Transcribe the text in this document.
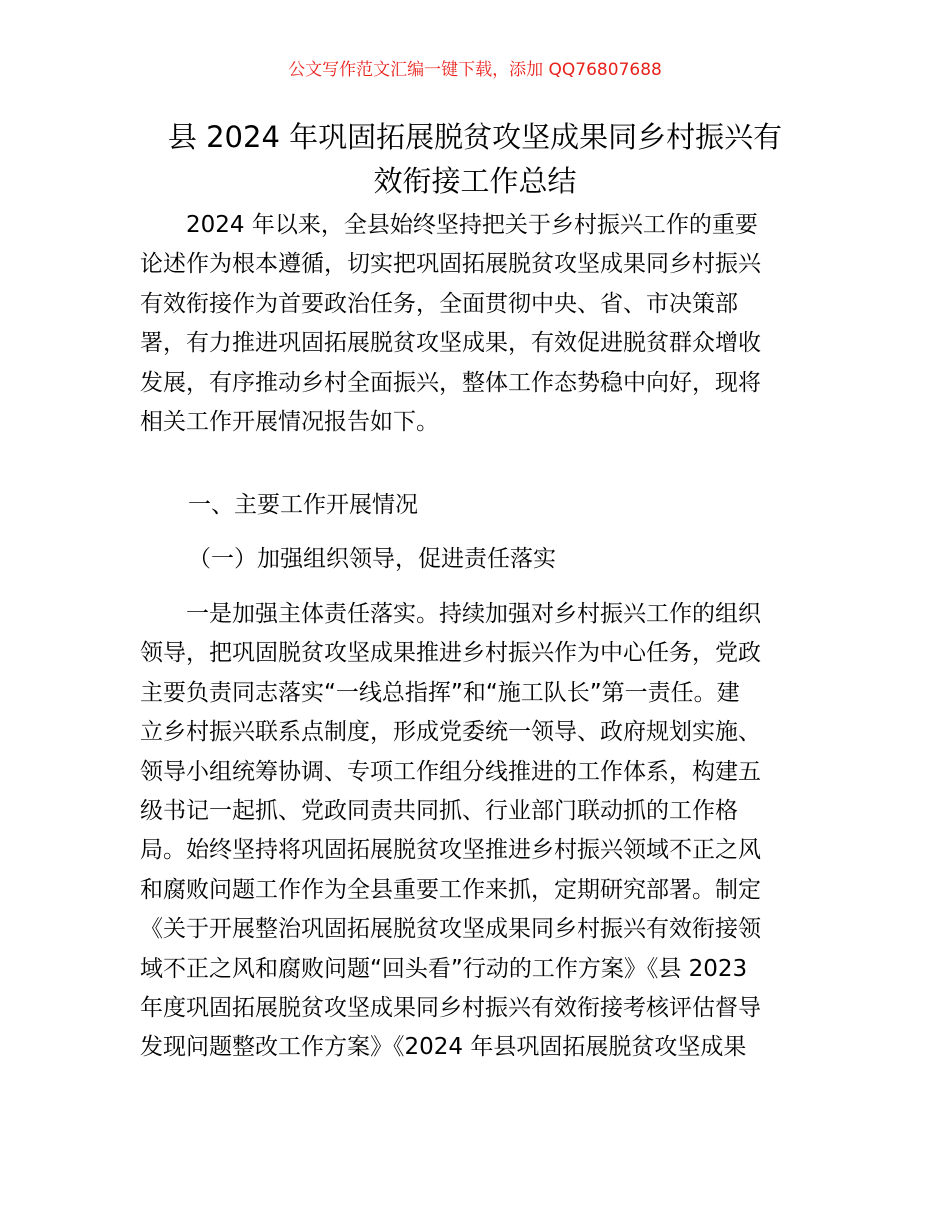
公文写作范文汇编一键下载，添加 QQ76807688
县 2024 年巩固拓展脱贫攻坚成果同乡村振兴有
效衔接工作总结
2024 年以来，全县始终坚持把关于乡村振兴工作的重要
论述作为根本遵循，切实把巩固拓展脱贫攻坚成果同乡村振兴
有效衔接作为首要政治任务，全面贯彻中央、省、市决策部
署，有力推进巩固拓展脱贫攻坚成果，有效促进脱贫群众增收
发展，有序推动乡村全面振兴，整体工作态势稳中向好，现将
相关工作开展情况报告如下。
一、主要工作开展情况
（一）加强组织领导，促进责任落实
一是加强主体责任落实。持续加强对乡村振兴工作的组织
领导，把巩固脱贫攻坚成果推进乡村振兴作为中心任务，党政
主要负责同志落实“一线总指挥”和“施工队长”第一责任。建
立乡村振兴联系点制度，形成党委统一领导、政府规划实施、
领导小组统筹协调、专项工作组分线推进的工作体系，构建五
级书记一起抓、党政同责共同抓、行业部门联动抓的工作格
局。始终坚持将巩固拓展脱贫攻坚推进乡村振兴领域不正之风
和腐败问题工作作为全县重要工作来抓，定期研究部署。制定
《关于开展整治巩固拓展脱贫攻坚成果同乡村振兴有效衔接领
域不正之风和腐败问题“回头看”行动的工作方案》《县 2023
年度巩固拓展脱贫攻坚成果同乡村振兴有效衔接考核评估督导
发现问题整改工作方案》《2024 年县巩固拓展脱贫攻坚成果
